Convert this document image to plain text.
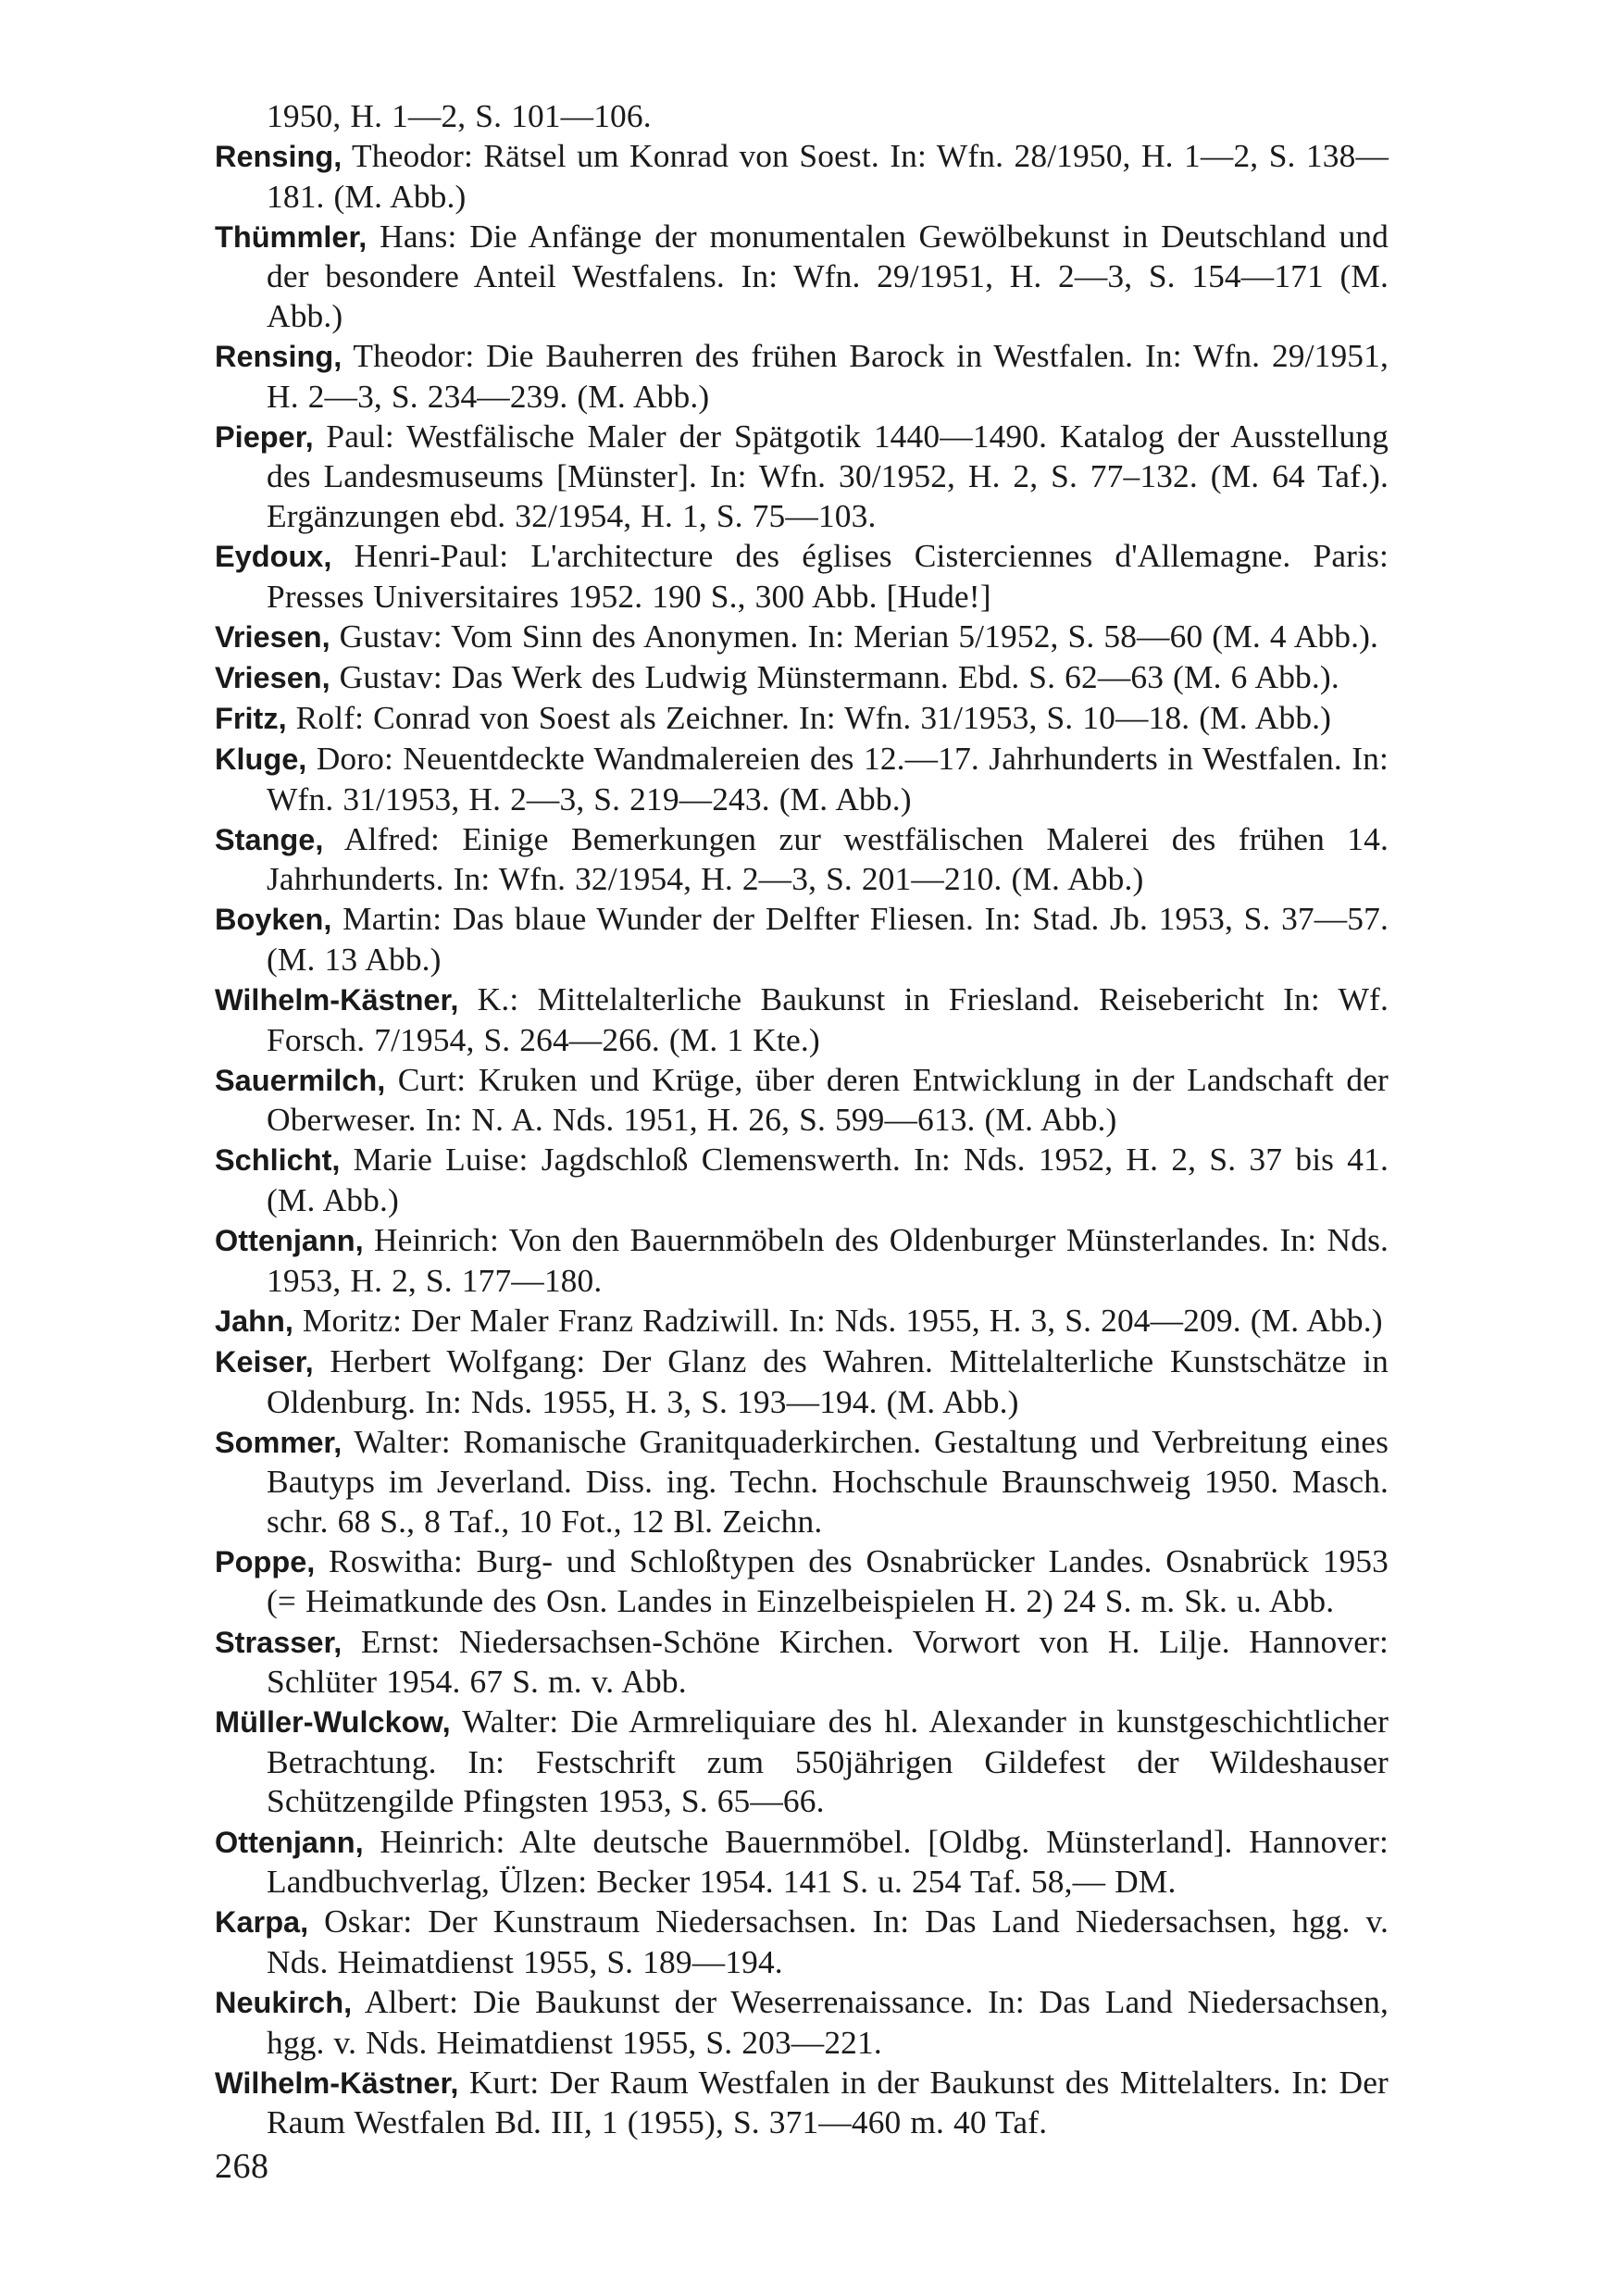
1950, H. 1—2, S. 101—106.

Rensing, Theodor: Rätsel um Konrad von Soest. In: Wfn. 28/1950, H. 1—2, S. 138—181. (M. Abb.)

Thümmler, Hans: Die Anfänge der monumentalen Gewölbekunst in Deutschland und der besondere Anteil Westfalens. In: Wfn. 29/1951, H. 2—3, S. 154—171 (M. Abb.)

Rensing, Theodor: Die Bauherren des frühen Barock in Westfalen. In: Wfn. 29/1951, H. 2—3, S. 234—239. (M. Abb.)

Pieper, Paul: Westfälische Maler der Spätgotik 1440—1490. Katalog der Ausstellung des Landesmuseums [Münster]. In: Wfn. 30/1952, H. 2, S. 77–132. (M. 64 Taf.). Ergänzungen ebd. 32/1954, H. 1, S. 75—103.

Eydoux, Henri-Paul: L'architecture des églises Cisterciennes d'Allemagne. Paris: Presses Universitaires 1952. 190 S., 300 Abb. [Hude!]

Vriesen, Gustav: Vom Sinn des Anonymen. In: Merian 5/1952, S. 58—60 (M. 4 Abb.).

Vriesen, Gustav: Das Werk des Ludwig Münstermann. Ebd. S. 62—63 (M. 6 Abb.).

Fritz, Rolf: Conrad von Soest als Zeichner. In: Wfn. 31/1953, S. 10—18. (M. Abb.)

Kluge, Doro: Neuentdeckte Wandmalereien des 12.—17. Jahrhunderts in Westfalen. In: Wfn. 31/1953, H. 2—3, S. 219—243. (M. Abb.)

Stange, Alfred: Einige Bemerkungen zur westfälischen Malerei des frühen 14. Jahrhunderts. In: Wfn. 32/1954, H. 2—3, S. 201—210. (M. Abb.)

Boyken, Martin: Das blaue Wunder der Delfter Fliesen. In: Stad. Jb. 1953, S. 37—57. (M. 13 Abb.)

Wilhelm-Kästner, K.: Mittelalterliche Baukunst in Friesland. Reisebericht In: Wf. Forsch. 7/1954, S. 264—266. (M. 1 Kte.)

Sauermilch, Curt: Kruken und Krüge, über deren Entwicklung in der Landschaft der Oberweser. In: N. A. Nds. 1951, H. 26, S. 599—613. (M. Abb.)

Schlicht, Marie Luise: Jagdschloß Clemenswerth. In: Nds. 1952, H. 2, S. 37 bis 41. (M. Abb.)

Ottenjann, Heinrich: Von den Bauernmöbeln des Oldenburger Münsterlandes. In: Nds. 1953, H. 2, S. 177—180.

Jahn, Moritz: Der Maler Franz Radziwill. In: Nds. 1955, H. 3, S. 204—209. (M. Abb.)

Keiser, Herbert Wolfgang: Der Glanz des Wahren. Mittelalterliche Kunstschätze in Oldenburg. In: Nds. 1955, H. 3, S. 193—194. (M. Abb.)

Sommer, Walter: Romanische Granitquaderkirchen. Gestaltung und Verbreitung eines Bautyps im Jeverland. Diss. ing. Techn. Hochschule Braunschweig 1950. Masch. schr. 68 S., 8 Taf., 10 Fot., 12 Bl. Zeichn.

Poppe, Roswitha: Burg- und Schloßtypen des Osnabrücker Landes. Osnabrück 1953 (= Heimatkunde des Osn. Landes in Einzelbeispielen H. 2) 24 S. m. Sk. u. Abb.

Strasser, Ernst: Niedersachsen-Schöne Kirchen. Vorwort von H. Lilje. Hannover: Schlüter 1954. 67 S. m. v. Abb.

Müller-Wulckow, Walter: Die Armreliquiare des hl. Alexander in kunstgeschichtlicher Betrachtung. In: Festschrift zum 550jährigen Gildefest der Wildeshauser Schützengilde Pfingsten 1953, S. 65—66.

Ottenjann, Heinrich: Alte deutsche Bauernmöbel. [Oldbg. Münsterland]. Hannover: Landbuchverlag, Ülzen: Becker 1954. 141 S. u. 254 Taf. 58,— DM.

Karpa, Oskar: Der Kunstraum Niedersachsen. In: Das Land Niedersachsen, hgg. v. Nds. Heimatdienst 1955, S. 189—194.

Neukirch, Albert: Die Baukunst der Weserrenaissance. In: Das Land Niedersachsen, hgg. v. Nds. Heimatdienst 1955, S. 203—221.

Wilhelm-Kästner, Kurt: Der Raum Westfalen in der Baukunst des Mittelalters. In: Der Raum Westfalen Bd. III, 1 (1955), S. 371—460 m. 40 Taf.

268
